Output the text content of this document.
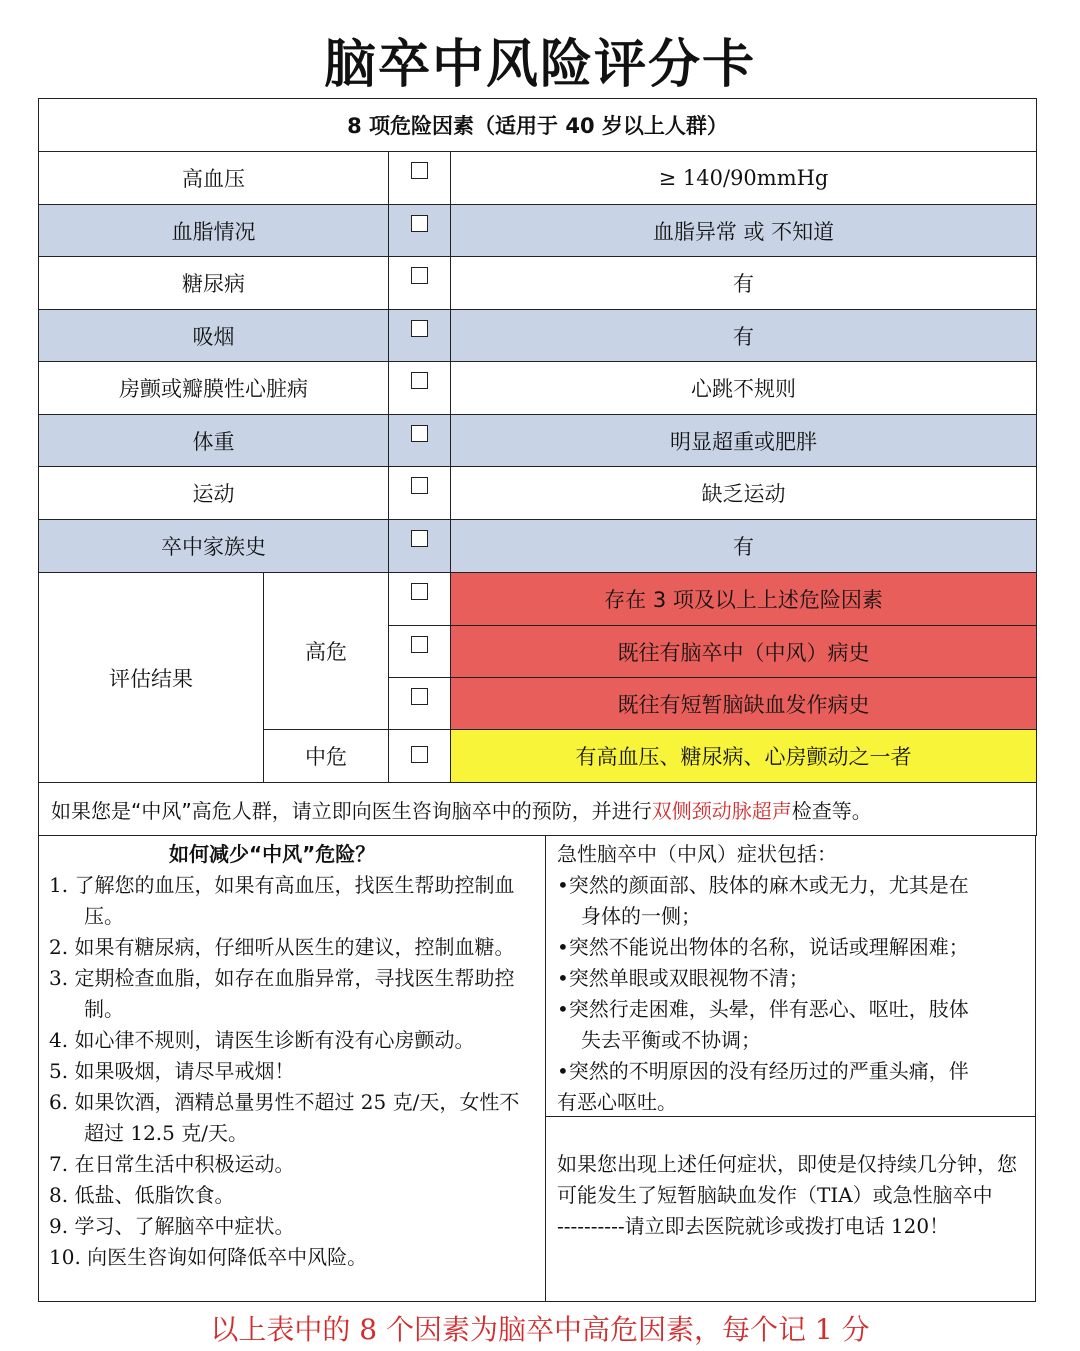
脑卒中风险评分卡
8 项危险因素（适用于 40 岁以上人群）			
高血压			≥ 140/90mmHg
血脂情况			血脂异常 或 不知道
糖尿病			有
吸烟			有
房颤或瓣膜性心脏病			心跳不规则
体重			明显超重或肥胖
运动			缺乏运动
卒中家族史			有
评估结果	高危		存在 3 项及以上上述危险因素
			既往有脑卒中（中风）病史
			既往有短暂脑缺血发作病史
	中危		有高血压、糖尿病、心房颤动之一者
如果您是“中风”高危人群，请立即向医生咨询脑卒中的预防，并进行双侧颈动脉超声检查等。			
如何减少“中风”危险？
1. 了解您的血压，如果有高血压，找医生帮助控制血压。
2. 如果有糖尿病，仔细听从医生的建议，控制血糖。
3. 定期检查血脂，如存在血脂异常，寻找医生帮助控制。
4. 如心律不规则，请医生诊断有没有心房颤动。
5. 如果吸烟，请尽早戒烟！
6. 如果饮酒，酒精总量男性不超过 25 克/天，女性不超过 12.5 克/天。
7. 在日常生活中积极运动。
8. 低盐、低脂饮食。
9. 学习、了解脑卒中症状。
10. 向医生咨询如何降低卒中风险。
急性脑卒中（中风）症状包括：
•突然的颜面部、肢体的麻木或无力，尤其是在
身体的一侧；
•突然不能说出物体的名称，说话或理解困难；
•突然单眼或双眼视物不清；
•突然行走困难，头晕，伴有恶心、呕吐，肢体
失去平衡或不协调；
•突然的不明原因的没有经历过的严重头痛，伴
有恶心呕吐。
如果您出现上述任何症状，即使是仅持续几分钟，您可能发生了短暂脑缺血发作（TIA）或急性脑卒中
----------请立即去医院就诊或拨打电话 120！
以上表中的 8 个因素为脑卒中高危因素，每个记 1 分
